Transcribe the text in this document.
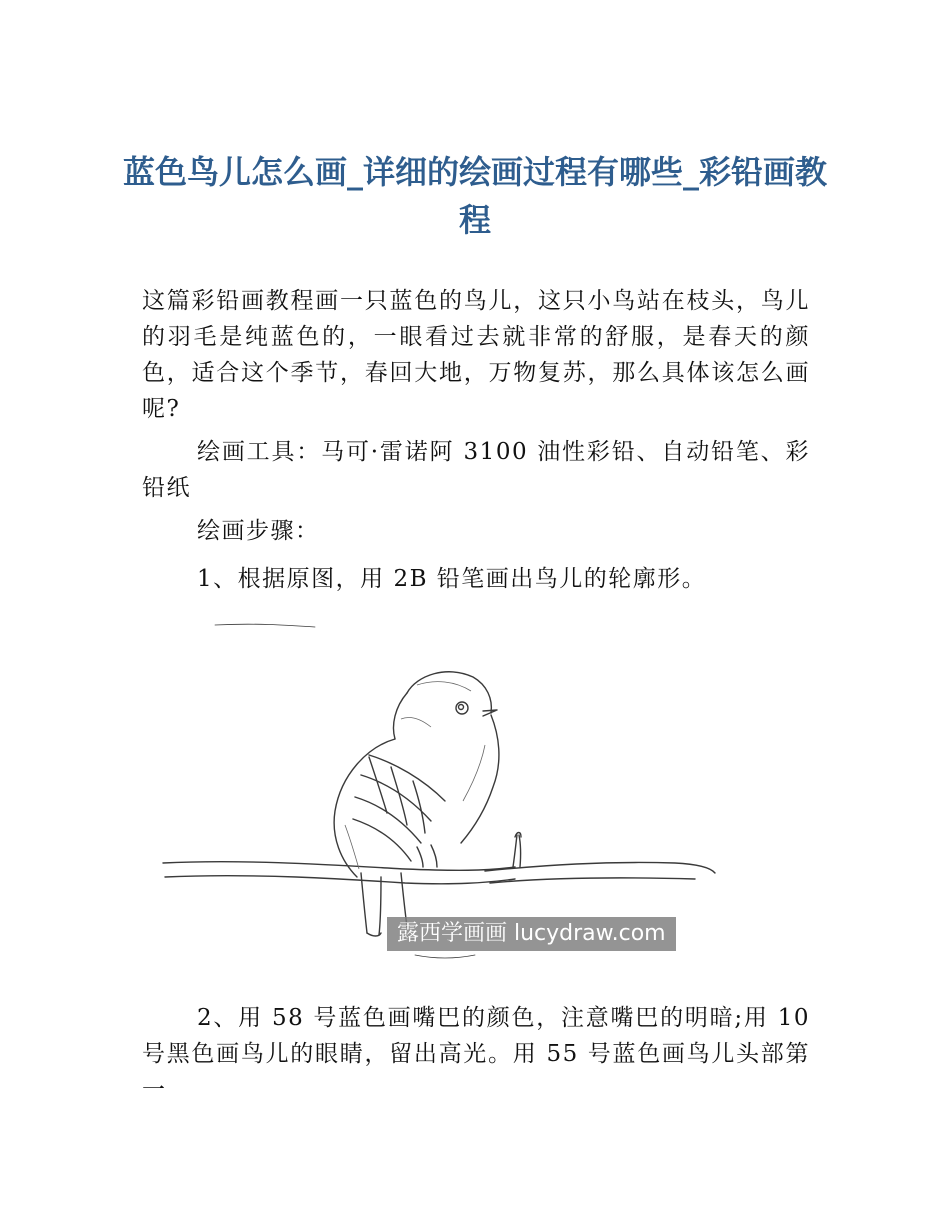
蓝色鸟儿怎么画_详细的绘画过程有哪些_彩铅画教程

这篇彩铅画教程画一只蓝色的鸟儿，这只小鸟站在枝头，鸟儿的羽毛是纯蓝色的，一眼看过去就非常的舒服，是春天的颜色，适合这个季节，春回大地，万物复苏，那么具体该怎么画呢?

绘画工具：马可·雷诺阿 3100 油性彩铅、自动铅笔、彩铅纸

绘画步骤：

1、根据原图，用 2B 铅笔画出鸟儿的轮廓形。

露西学画画 lucydraw.com

2、用 58 号蓝色画嘴巴的颜色，注意嘴巴的明暗;用 10 号黑色画鸟儿的眼睛，留出高光。用 55 号蓝色画鸟儿头部第一
